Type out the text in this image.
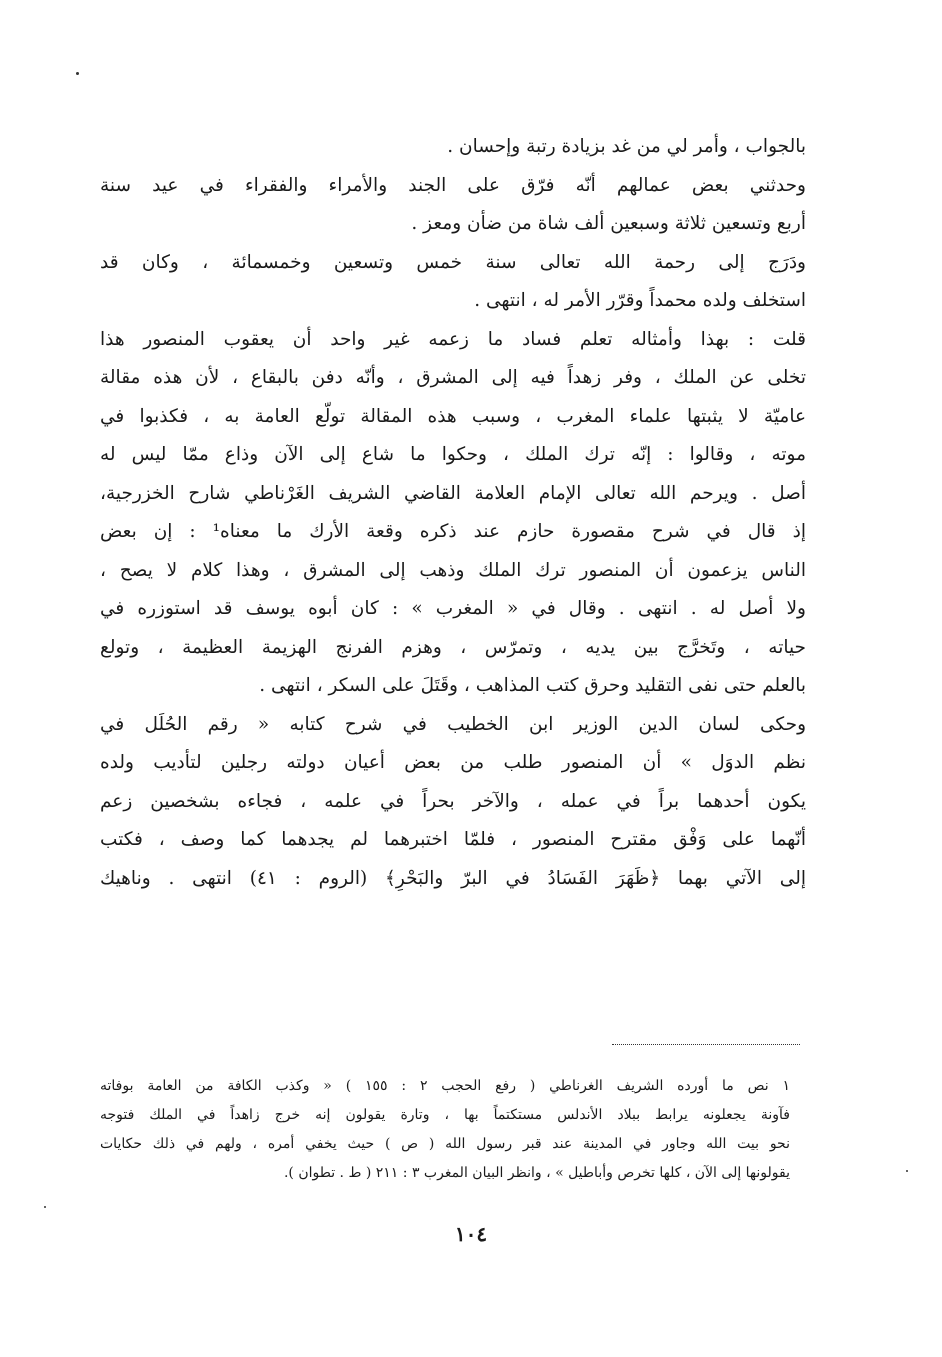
بالجواب ، وأمر لي من غد بزيادة رتبة وإحسان .
وحدثني بعض عمالهم أنّه فرّق على الجند والأمراء والفقراء في عيد سنة
أربع وتسعين ثلاثة وسبعين ألف شاة من ضأن ومعز .
ودَرَج إلى رحمة الله تعالى سنة خمس وتسعين وخمسمائة ، وكان قد
استخلف ولده محمداً وقرّر الأمر له ، انتهى .
قلت : بهذا وأمثاله تعلم فساد ما زعمه غير واحد أن يعقوب المنصور هذا
تخلى عن الملك ، وفر زهداً فيه إلى المشرق ، وأنّه دفن بالبقاع ، لأن هذه مقالة
عاميّة لا يثبتها علماء المغرب ، وسبب هذه المقالة تولّع العامة به ، فكذبوا في
موته ، وقالوا : إنّه ترك الملك ، وحكوا ما شاع إلى الآن وذاع ممّا ليس له
أصل . ويرحم الله تعالى الإمام العلامة القاضي الشريف الغَرْناطي شارح الخزرجية،
إذ قال في شرح مقصورة حازم عند ذكره وقعة الأرك ما معناه¹ : إن بعض
الناس يزعمون أن المنصور ترك الملك وذهب إلى المشرق ، وهذا كلام لا يصح ،
ولا أصل له . انتهى . وقال في « المغرب » : كان أبوه يوسف قد استوزره في
حياته ، وتَخرَّج بين يديه ، وتمرّس ، وهزم الفرنج الهزيمة العظيمة ، وتولع
بالعلم حتى نفى التقليد وحرق كتب المذاهب ، وقَتَلَ على السكر ، انتهى .
وحكى لسان الدين الوزير ابن الخطيب في شرح كتابه « رقم الحُلَل في
نظم الدوَل » أن المنصور طلب من بعض أعيان دولته رجلين لتأديب ولده
يكون أحدهما براً في عمله ، والآخر بحراً في علمه ، فجاءه بشخصين زعم
أنّهما على وَفْق مقترح المنصور ، فلمّا اختبرهما لم يجدهما كما وصف ، فكتب
إلى الآتي بهما ﴿ظَهَرَ الفَسَادُ في البرّ والبَحْرِ﴾ (الروم : ٤١) انتهى . وناهيك
١ نص ما أورده الشريف الغرناطي ( رفع الحجب ٢ : ١٥٥ ) « وكذب الكافة من العامة بوفاته
فآونة يجعلونه يرابط ببلاد الأندلس مستكتماً بها ، وتارة يقولون إنه خرج زاهداً في الملك فتوجه
نحو بيت الله وجاور في المدينة عند قبر رسول الله ( ص ) حيث يخفي أمره ، ولهم في ذلك حكايات
يقولونها إلى الآن ، كلها تخرص وأباطيل » ، وانظر البيان المغرب ٣ : ٢١١ ( ط . تطوان ).
١٠٤
